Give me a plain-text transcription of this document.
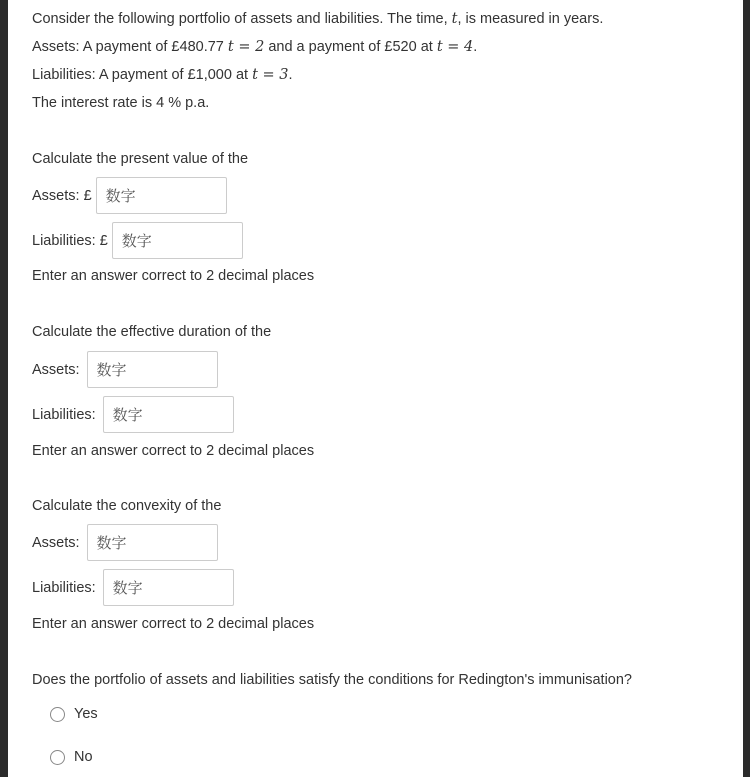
Consider the following portfolio of assets and liabilities. The time, t, is measured in years.
Assets: A payment of £480.77 t = 2 and a payment of £520 at t = 4.
Liabilities: A payment of £1,000 at t = 3.
The interest rate is 4 % p.a.
Calculate the present value of the
Assets: £ 数字
Liabilities: £ 数字
Enter an answer correct to 2 decimal places
Calculate the effective duration of the
Assets:	数字
Liabilities:	数字
Enter an answer correct to 2 decimal places
Calculate the convexity of the
Assets:	数字
Liabilities:	数字
Enter an answer correct to 2 decimal places
Does the portfolio of assets and liabilities satisfy the conditions for Redington's immunisation?
Yes
No
